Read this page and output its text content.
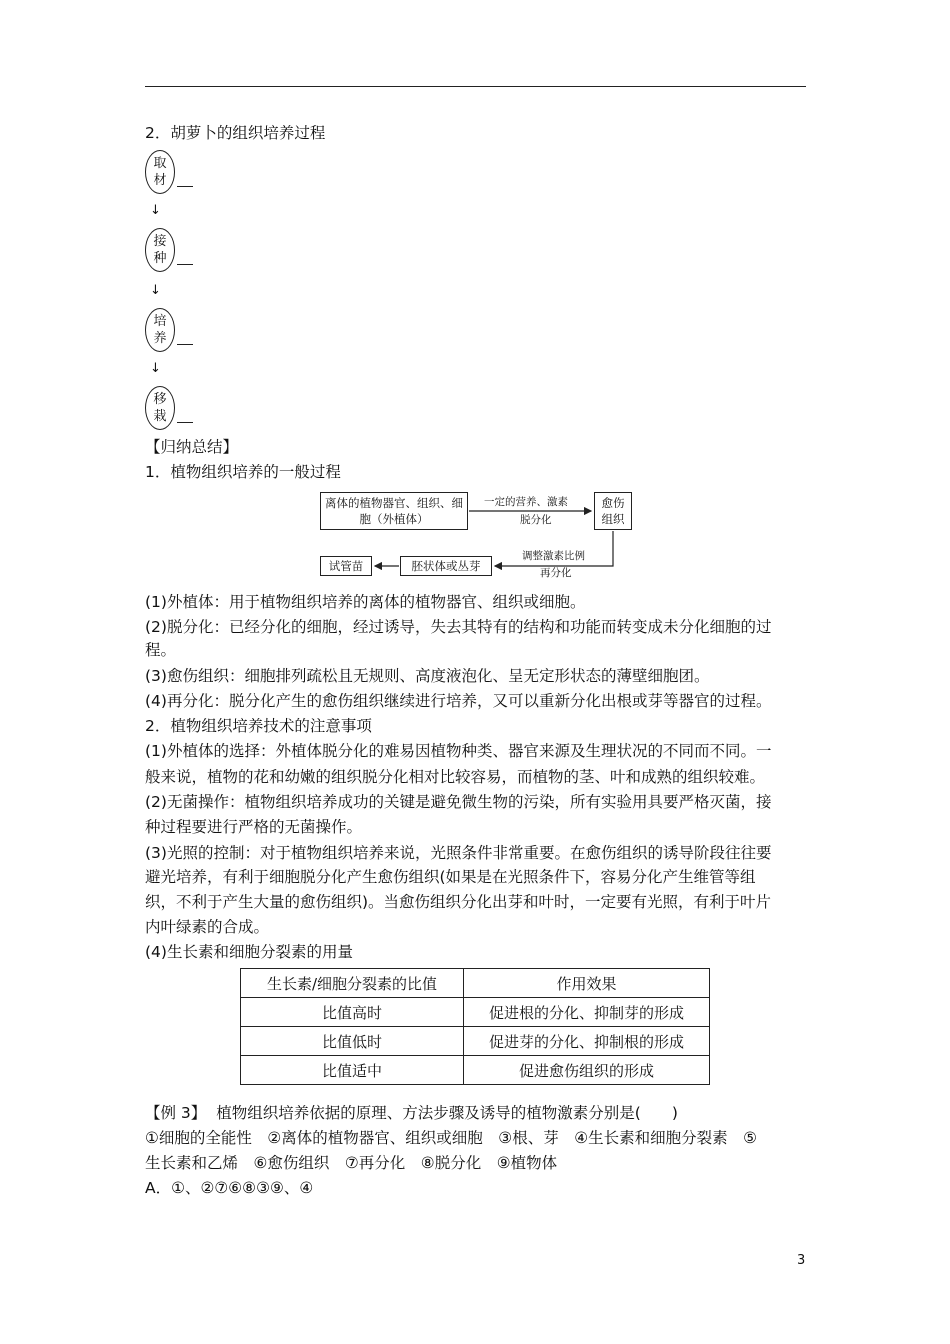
2．胡萝卜的组织培养过程
取
材
↓
接
种
↓
培
养
↓
移
栽
【归纳总结】
1．植物组织培养的一般过程
离体的植物器官、组织、细胞（外植体）
一定的营养、激素
脱分化
愈伤组织
试管苗	胚状体或丛芽
调整激素比例
再分化
(1)外植体：用于植物组织培养的离体的植物器官、组织或细胞。
(2)脱分化：已经分化的细胞，经过诱导，失去其特有的结构和功能而转变成未分化细胞的过
程。
(3)愈伤组织：细胞排列疏松且无规则、高度液泡化、呈无定形状态的薄壁细胞团。
(4)再分化：脱分化产生的愈伤组织继续进行培养，又可以重新分化出根或芽等器官的过程。
2．植物组织培养技术的注意事项
(1)外植体的选择：外植体脱分化的难易因植物种类、器官来源及生理状况的不同而不同。一
般来说，植物的花和幼嫩的组织脱分化相对比较容易，而植物的茎、叶和成熟的组织较难。
(2)无菌操作：植物组织培养成功的关键是避免微生物的污染，所有实验用具要严格灭菌，接
种过程要进行严格的无菌操作。
(3)光照的控制：对于植物组织培养来说，光照条件非常重要。在愈伤组织的诱导阶段往往要
避光培养，有利于细胞脱分化产生愈伤组织(如果是在光照条件下，容易分化产生维管等组
织，不利于产生大量的愈伤组织)。当愈伤组织分化出芽和叶时，一定要有光照，有利于叶片
内叶绿素的合成。
(4)生长素和细胞分裂素的用量
生长素/细胞分裂素的比值	作用效果
比值高时	促进根的分化、抑制芽的形成
比值低时	促进芽的分化、抑制根的形成
比值适中	促进愈伤组织的形成
【例 3】 植物组织培养依据的原理、方法步骤及诱导的植物激素分别是(　　)
①细胞的全能性　②离体的植物器官、组织或细胞　③根、芽　④生长素和细胞分裂素　⑤
生长素和乙烯　⑥愈伤组织　⑦再分化　⑧脱分化　⑨植物体
A．①、②⑦⑥⑧③⑨、④
3
